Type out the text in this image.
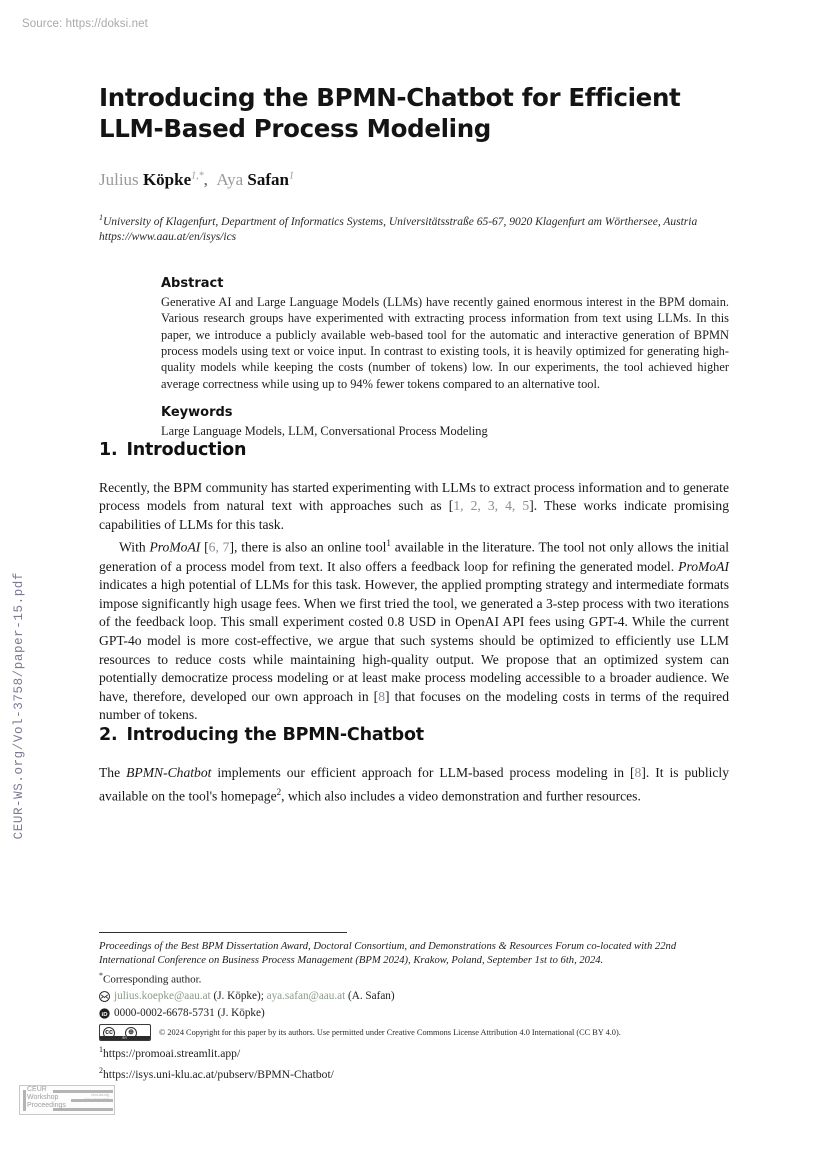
Source: https://doksi.net
CEUR-WS.org/Vol-3758/paper-15.pdf
CEUR
Workshop
Proceedings
ceur-ws.org
ISSN 1613-0073
Introducing the BPMN-Chatbot for Efficient LLM-Based Process Modeling
Julius Köpke$^{1,*}$,  Aya Safan$^1$
$^1$University of Klagenfurt, Department of Informatics Systems, Universitätsstraße 65-67, 9020 Klagenfurt am Wörthersee, Austria
https://www.aau.at/en/isys/ics
Abstract
Generative AI and Large Language Models (LLMs) have recently gained enormous interest in the BPM domain. Various research groups have experimented with extracting process information from text using LLMs. In this paper, we introduce a publicly available web-based tool for the automatic and interactive generation of BPMN process models using text or voice input. In contrast to existing tools, it is heavily optimized for generating high-quality models while keeping the costs (number of tokens) low. In our experiments, the tool achieved higher average correctness while using up to 94% fewer tokens compared to an alternative tool.
Keywords
Large Language Models, LLM, Conversational Process Modeling
1. Introduction

Recently, the BPM community has started experimenting with LLMs to extract process information and to generate process models from natural text with approaches such as [1, 2, 3, 4, 5]. These works indicate promising capabilities of LLMs for this task.

With ProMoAI [6, 7], there is also an online tool$^1$ available in the literature. The tool not only allows the initial generation of a process model from text. It also offers a feedback loop for refining the generated model. ProMoAI indicates a high potential of LLMs for this task. However, the applied prompting strategy and intermediate formats impose significantly high usage fees. When we first tried the tool, we generated a 3-step process with two iterations of the feedback loop. This small experiment costed 0.8 USD in OpenAI API fees using GPT-4. While the current GPT-4o model is more cost-effective, we argue that such systems should be optimized to efficiently use LLM resources to reduce costs while maintaining high-quality output. We propose that an optimized system can potentially democratize process modeling or at least make process modeling accessible to a broader audience. We have, therefore, developed our own approach in [8] that focuses on the modeling costs in terms of the required number of tokens.

2. Introducing the BPMN-Chatbot

The BPMN-Chatbot implements our efficient approach for LLM-based process modeling in [8]. It is publicly available on the tool's homepage$^2$, which also includes a video demonstration and further resources.

Proceedings of the Best BPM Dissertation Award, Doctoral Consortium, and Demonstrations & Resources Forum co-located with 22nd International Conference on Business Process Management (BPM 2024), Krakow, Poland, September 1st to 6th, 2024.
*Corresponding author.
julius.koepke@aau.at (J. Köpke); aya.safan@aau.at (A. Safan)
iD 0000-0002-6678-5731 (J. Köpke)
cc	⊕
BY
© 2024 Copyright for this paper by its authors. Use permitted under Creative Commons License Attribution 4.0 International (CC BY 4.0).
$^1$https://promoai.streamlit.app/
$^2$https://isys.uni-klu.ac.at/pubserv/BPMN-Chatbot/
